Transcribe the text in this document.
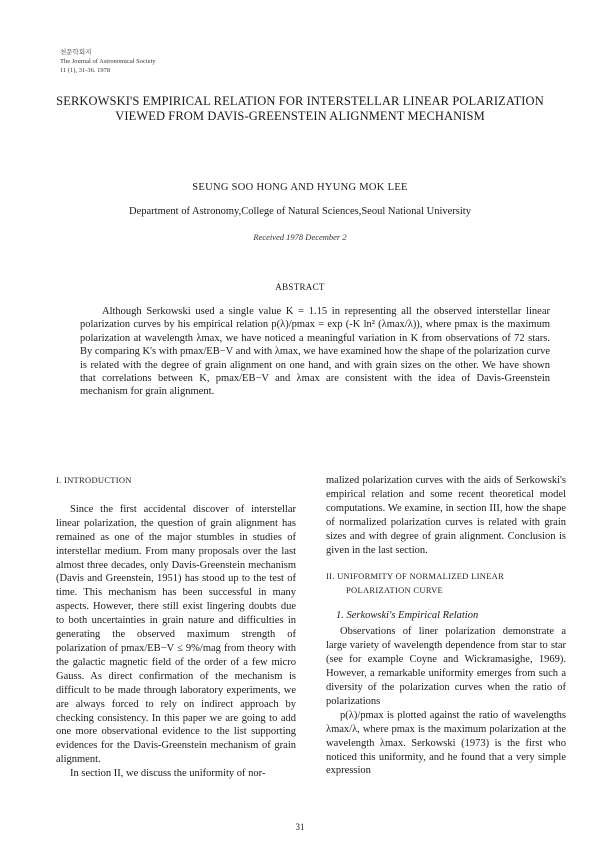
천문학회지
The Journal of Astronomical Society
11 (1), 31-36. 1978
SERKOWSKI'S EMPIRICAL RELATION FOR INTERSTELLAR LINEAR POLARIZATION
VIEWED FROM DAVIS-GREENSTEIN ALIGNMENT MECHANISM
SEUNG SOO HONG AND HYUNG MOK LEE
Department of Astronomy,College of Natural Sciences,Seoul National University
Received 1978 December 2
ABSTRACT

Although Serkowski used a single value K = 1.15 in representing all the observed interstellar linear polarization curves by his empirical relation p(λ)/pmax = exp (-K ln² (λmax/λ)), where pmax is the maximum polarization at wavelength λmax, we have noticed a meaningful variation in K from observations of 72 stars. By comparing K's with pmax/EB−V and with λmax, we have examined how the shape of the polarization curve is related with the degree of grain alignment on one hand, and with grain sizes on the other. We have shown that correlations between K, pmax/EB−V and λmax are consistent with the idea of Davis-Greenstein mechanism for grain alignment.

I. INTRODUCTION

Since the first accidental discover of interstellar linear polarization, the question of grain alignment has remained as one of the major stumbles in studies of interstellar medium. From many proposals over the last almost three decades, only Davis-Greenstein mechanism (Davis and Greenstein, 1951) has stood up to the test of time. This mechanism has been successful in many aspects. However, there still exist lingering doubts due to both uncertainties in grain nature and difficulties in generating the observed maximum strength of polarization of pmax/EB−V ≤ 9%/mag from theory with the galactic magnetic field of the order of a few micro Gauss. As direct confirmation of the mechanism is difficult to be made through laboratory experiments, we are always forced to rely on indirect approach by checking consistency. In this paper we are going to add one more observational evidence to the list supporting evidences for the Davis-Greenstein mechanism of grain alignment.

In section II, we discuss the uniformity of nor-

malized polarization curves with the aids of Serkowski's empirical relation and some recent theoretical model computations. We examine, in section III, how the shape of normalized polarization curves is related with grain sizes and with degree of grain alignment. Conclusion is given in the last section.

II. UNIFORMITY OF NORMALIZED LINEAR
POLARIZATION CURVE
1. Serkowski's Empirical Relation

Observations of liner polarization demonstrate a large variety of wavelength dependence from star to star (see for example Coyne and Wickramasighe, 1969). However, a remarkable uniformity emerges from such a diversity of the polarization curves when the ratio of polarizations

p(λ)/pmax is plotted against the ratio of wavelengths λmax/λ, where pmax is the maximum polarization at the wavelength λmax. Serkowski (1973) is the first who noticed this uniformity, and he found that a very simple expression

31
